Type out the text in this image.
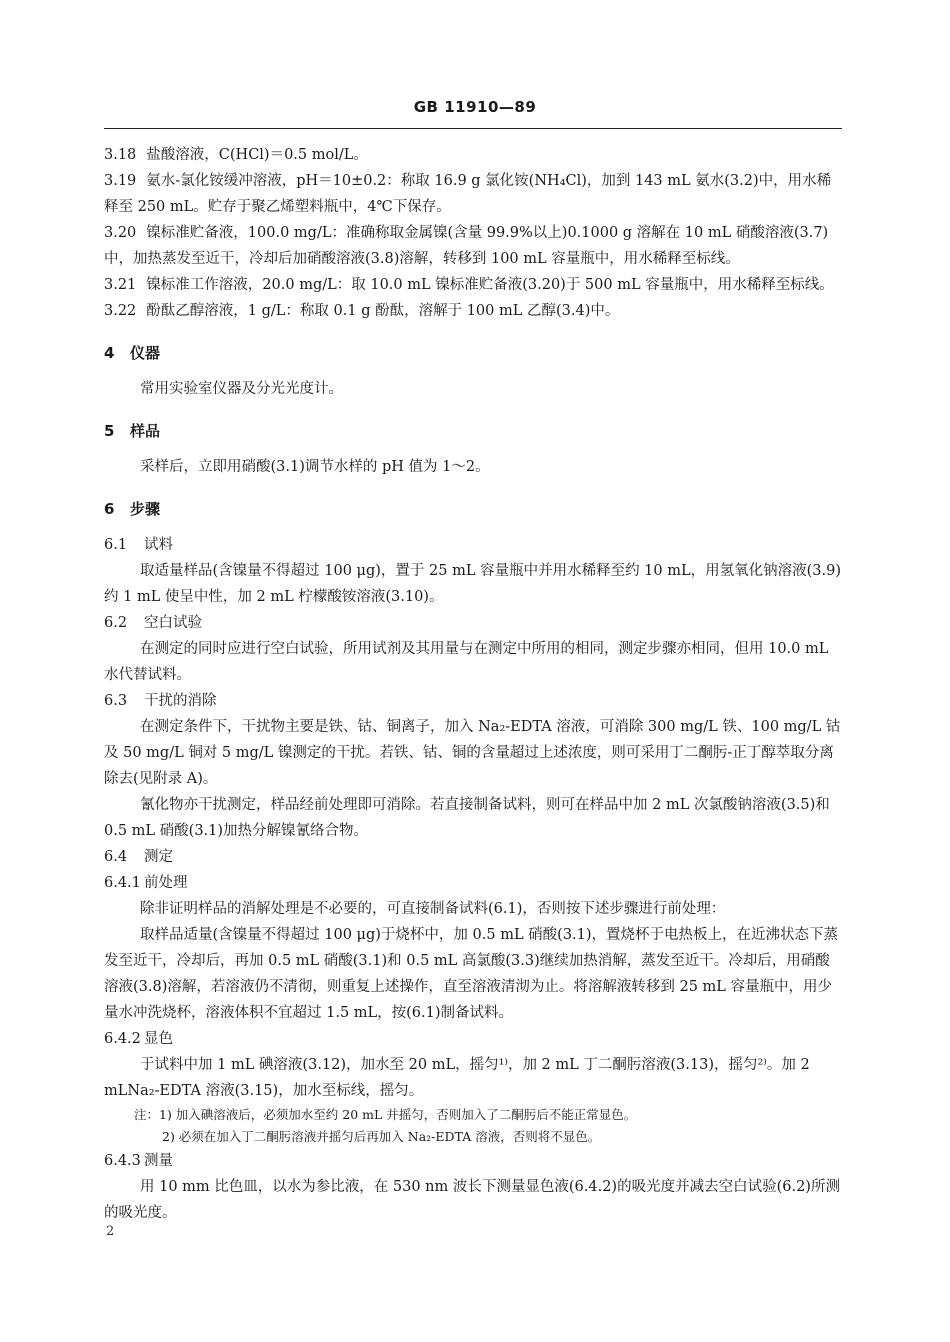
GB 11910—89

3.18 盐酸溶液，C(HCl)＝0.5 mol/L。

3.19 氨水-氯化铵缓冲溶液，pH＝10±0.2：称取 16.9 g 氯化铵(NH₄Cl)，加到 143 mL 氨水(3.2)中，用水稀释至 250 mL。贮存于聚乙烯塑料瓶中，4℃下保存。

3.20 镍标准贮备液，100.0 mg/L：准确称取金属镍(含量 99.9%以上)0.1000 g 溶解在 10 mL 硝酸溶液(3.7)中，加热蒸发至近干，冷却后加硝酸溶液(3.8)溶解，转移到 100 mL 容量瓶中，用水稀释至标线。

3.21 镍标准工作溶液，20.0 mg/L：取 10.0 mL 镍标准贮备液(3.20)于 500 mL 容量瓶中，用水稀释至标线。

3.22 酚酞乙醇溶液，1 g/L：称取 0.1 g 酚酞，溶解于 100 mL 乙醇(3.4)中。

4 仪器

常用实验室仪器及分光光度计。

5 样品

采样后，立即用硝酸(3.1)调节水样的 pH 值为 1～2。

6 步骤

6.1 试料

取适量样品(含镍量不得超过 100 μg)，置于 25 mL 容量瓶中并用水稀释至约 10 mL，用氢氧化钠溶液(3.9)约 1 mL 使呈中性，加 2 mL 柠檬酸铵溶液(3.10)。

6.2 空白试验

在测定的同时应进行空白试验，所用试剂及其用量与在测定中所用的相同，测定步骤亦相同，但用 10.0 mL 水代替试料。

6.3 干扰的消除

在测定条件下，干扰物主要是铁、钴、铜离子，加入 Na₂-EDTA 溶液，可消除 300 mg/L 铁、100 mg/L 钴及 50 mg/L 铜对 5 mg/L 镍测定的干扰。若铁、钴、铜的含量超过上述浓度，则可采用丁二酮肟-正丁醇萃取分离除去(见附录 A)。

氰化物亦干扰测定，样品经前处理即可消除。若直接制备试料，则可在样品中加 2 mL 次氯酸钠溶液(3.5)和 0.5 mL 硝酸(3.1)加热分解镍氰络合物。

6.4 测定

6.4.1 前处理

除非证明样品的消解处理是不必要的，可直接制备试料(6.1)，否则按下述步骤进行前处理：

取样品适量(含镍量不得超过 100 μg)于烧杯中，加 0.5 mL 硝酸(3.1)，置烧杯于电热板上，在近沸状态下蒸发至近干，冷却后，再加 0.5 mL 硝酸(3.1)和 0.5 mL 高氯酸(3.3)继续加热消解，蒸发至近干。冷却后，用硝酸溶液(3.8)溶解，若溶液仍不清彻，则重复上述操作，直至溶液清沏为止。将溶解液转移到 25 mL 容量瓶中，用少量水冲洗烧杯，溶液体积不宜超过 1.5 mL，按(6.1)制备试料。

6.4.2 显色

于试料中加 1 mL 碘溶液(3.12)，加水至 20 mL，摇匀¹⁾，加 2 mL 丁二酮肟溶液(3.13)，摇匀²⁾。加 2 mLNa₂-EDTA 溶液(3.15)，加水至标线，摇匀。

注：1) 加入碘溶液后，必须加水至约 20 mL 并摇匀，否则加入了二酮肟后不能正常显色。

2) 必须在加入丁二酮肟溶液并摇匀后再加入 Na₂-EDTA 溶液，否则将不显色。

6.4.3 测量

用 10 mm 比色皿，以水为参比液，在 530 nm 波长下测量显色液(6.4.2)的吸光度并减去空白试验(6.2)所测的吸光度。

2
